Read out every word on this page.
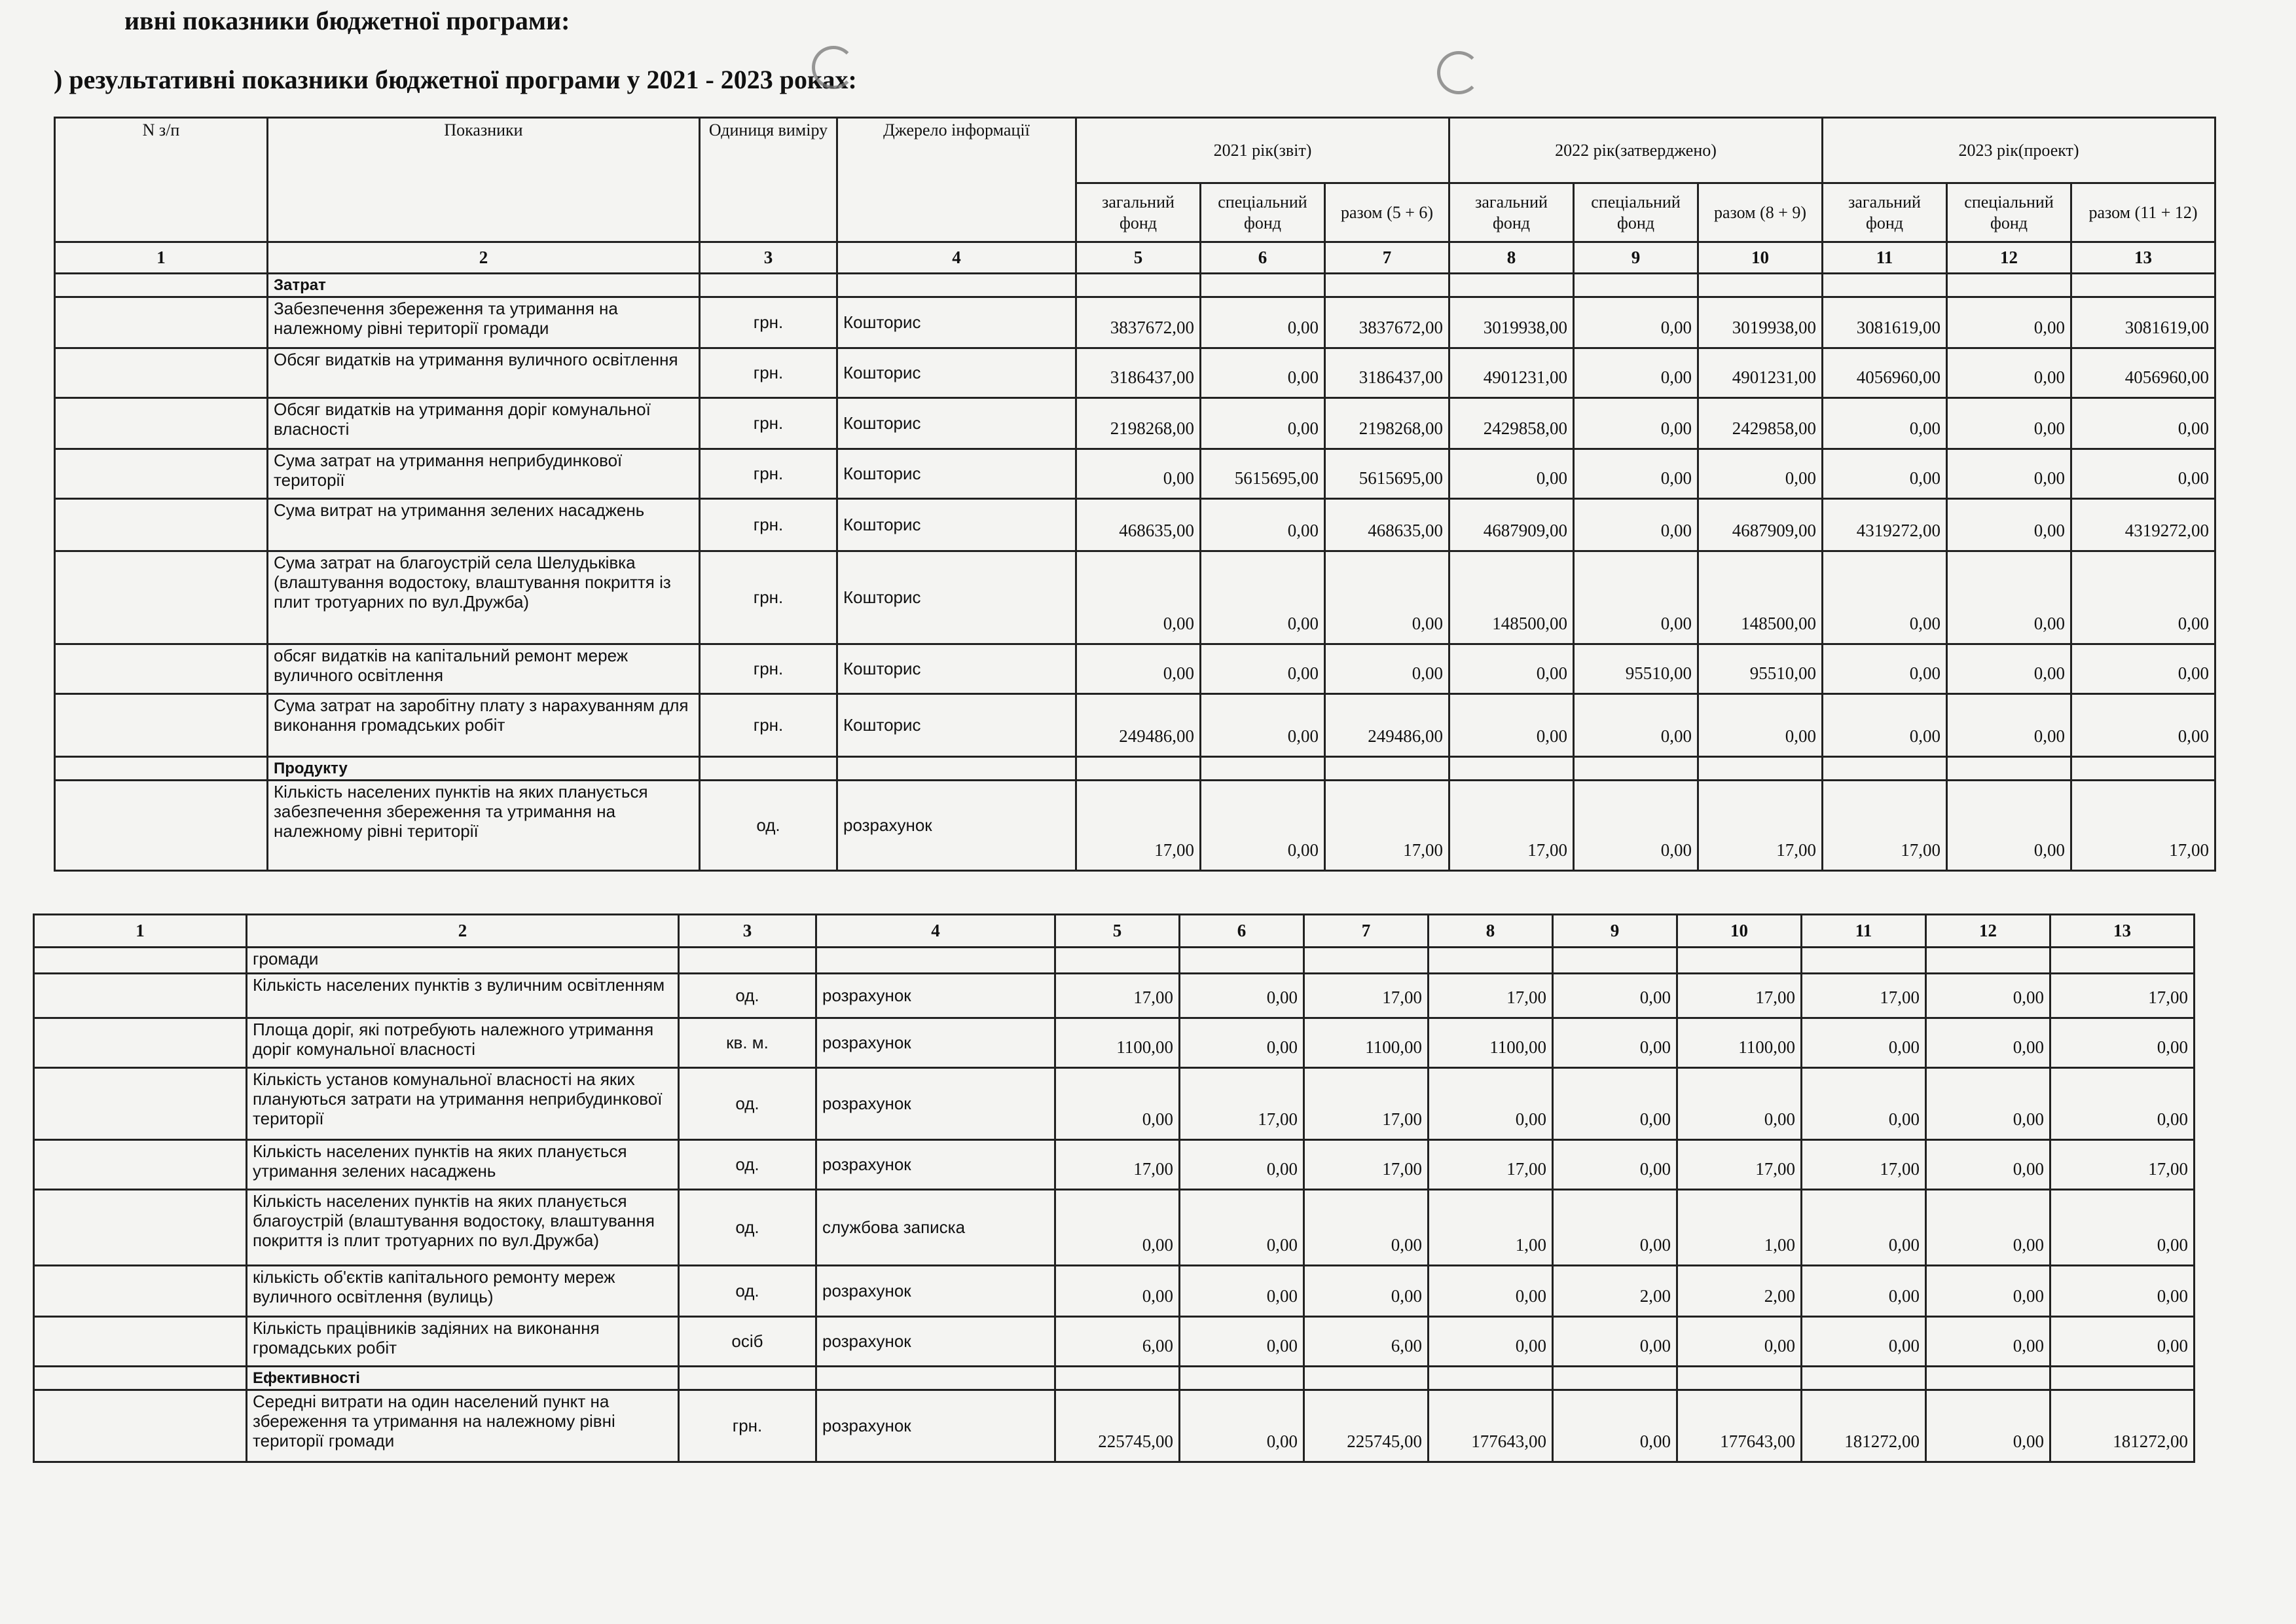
ивні показники бюджетної програми:
) результативні показники бюджетної програми у 2021 - 2023 роках:
N з/п	Показники	Одиниця виміру	Джерело інформації	2021 рік(звіт)			2022 рік(затверджено)			2023 рік(проект)		
				загальний фонд	спеціальний фонд	разом (5 + 6)	загальний фонд	спеціальний фонд	разом (8 + 9)	загальний фонд	спеціальний фонд	разом (11 + 12)
1	2	3	4	5	6	7	8	9	10	11	12	13
	Затрат											
	Забезпечення збереження та утримання на належному рівні території громади	грн.	Кошторис	3837672,00	0,00	3837672,00	3019938,00	0,00	3019938,00	3081619,00	0,00	3081619,00
	Обсяг видатків на утримання вуличного освітлення	грн.	Кошторис	3186437,00	0,00	3186437,00	4901231,00	0,00	4901231,00	4056960,00	0,00	4056960,00
	Обсяг видатків на утримання доріг комунальної власності	грн.	Кошторис	2198268,00	0,00	2198268,00	2429858,00	0,00	2429858,00	0,00	0,00	0,00
	Сума затрат на утримання неприбудинкової території	грн.	Кошторис	0,00	5615695,00	5615695,00	0,00	0,00	0,00	0,00	0,00	0,00
	Сума витрат на утримання зелених насаджень	грн.	Кошторис	468635,00	0,00	468635,00	4687909,00	0,00	4687909,00	4319272,00	0,00	4319272,00
	Сума затрат на благоустрій села Шелудьківка (влаштування водостоку, влаштування покриття із плит тротуарних по вул.Дружба)	грн.	Кошторис	0,00	0,00	0,00	148500,00	0,00	148500,00	0,00	0,00	0,00
	обсяг видатків на капітальний ремонт мереж вуличного освітлення	грн.	Кошторис	0,00	0,00	0,00	0,00	95510,00	95510,00	0,00	0,00	0,00
	Сума затрат на заробітну плату з нарахуванням для виконання громадських робіт	грн.	Кошторис	249486,00	0,00	249486,00	0,00	0,00	0,00	0,00	0,00	0,00
	Продукту											
	Кількість населених пунктів на яких планується забезпечення збереження та утримання на належному рівні території	од.	розрахунок	17,00	0,00	17,00	17,00	0,00	17,00	17,00	0,00	17,00
1	2	3	4	5	6	7	8	9	10	11	12	13
	громади											
	Кількість населених пунктів з вуличним освітленням	од.	розрахунок	17,00	0,00	17,00	17,00	0,00	17,00	17,00	0,00	17,00
	Площа доріг, які потребують належного утримання доріг комунальної власності	кв. м.	розрахунок	1100,00	0,00	1100,00	1100,00	0,00	1100,00	0,00	0,00	0,00
	Кількість установ комунальної власності на яких плануються затрати на утримання неприбудинкової території	од.	розрахунок	0,00	17,00	17,00	0,00	0,00	0,00	0,00	0,00	0,00
	Кількість населених пунктів на яких планується утримання зелених насаджень	од.	розрахунок	17,00	0,00	17,00	17,00	0,00	17,00	17,00	0,00	17,00
	Кількість населених пунктів на яких планується благоустрій (влаштування водостоку, влаштування покриття із плит тротуарних по вул.Дружба)	од.	службова записка	0,00	0,00	0,00	1,00	0,00	1,00	0,00	0,00	0,00
	кількість об'єктів капітального ремонту мереж вуличного освітлення (вулиць)	од.	розрахунок	0,00	0,00	0,00	0,00	2,00	2,00	0,00	0,00	0,00
	Кількість працівників задіяних на виконання громадських робіт	осіб	розрахунок	6,00	0,00	6,00	0,00	0,00	0,00	0,00	0,00	0,00
	Ефективності											
	Середні витрати на один населений пункт на збереження та утримання на належному рівні території громади	грн.	розрахунок	225745,00	0,00	225745,00	177643,00	0,00	177643,00	181272,00	0,00	181272,00
